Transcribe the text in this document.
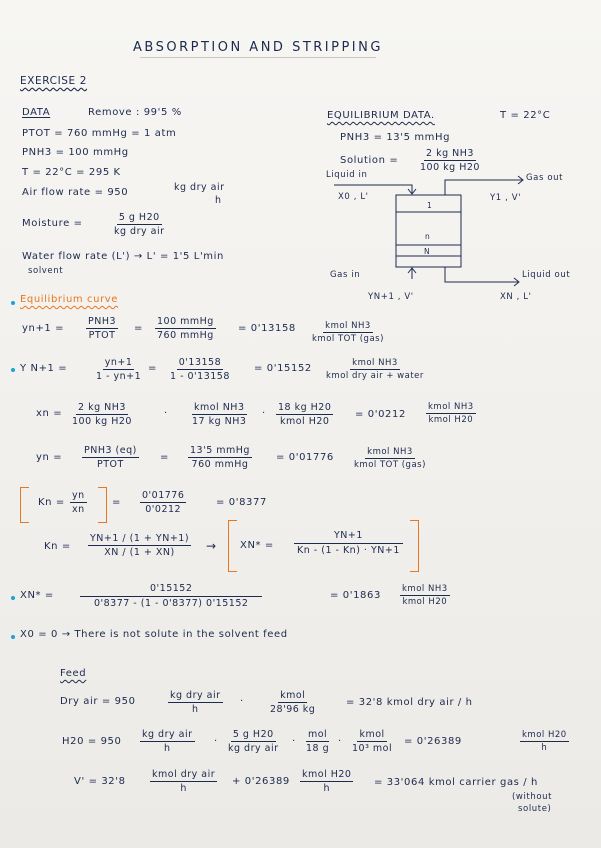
ABSORPTION AND STRIPPING
EXERCISE 2
DATA	Remove : 99'5 %
PTOT = 760 mmHg = 1 atm
PNH3 = 100 mmHg
T = 22°C = 295 K
Air flow rate = 950	kg dry air
h
Moisture =
5 g H20
kg dry air
Water flow rate (L') → L' = 1'5 L'min
solvent
EQUILIBRIUM DATA.	T = 22°C
PNH3 = 13'5 mmHg
Solution = $\frac{\text{2 kg NH3}}{\text{100 kg H20}}$
Liquid in
X0 , L'
Gas out
Y1 , V'
1
n
N
Gas in	Liquid out
YN+1 , V'	XN , L'
Equilibrium curve
yn+1 =
PNH3
PTOT
=
100 mmHg
760 mmHg
= 0'13158	kmol NH3
kmol TOT (gas)
Y N+1 =	$\frac{yn+1}{1 - yn+1} = \frac{0'13158}{1 - 0'13158} = 0'15152$	kmol NH3
kmol dry air + water
xn = $\frac{\text{2 kg NH3}}{\text{100 kg H20}}$	·
kmol NH3
17 kg NH3
·
18 kg H20
kmol H20
= 0'0212
kmol NH3
kmol H20
yn =
PNH3 (eq)
PTOT
=
13'5 mmHg
760 mmHg
= 0'01776	kmol NH3
kmol TOT (gas)
$Kn = \frac{yn}{xn}$	= $\frac{0'01776}{0'0212}$	= 0'8377
$Kn = \frac{YN+1 / (1 + YN+1)}{XN / (1 + XN)} \to XN* = \frac{YN+1}{Kn - (1 - Kn) \cdot YN+1}$
XN* =	$\frac{0'15152}{0'8377 - (1 - 0'8377) 0'15152}$	= 0'1863
kmol NH3
kmol H20
X0 = 0 → There is not solute in the solvent feed
Feed
Dry air = 950
kg dry air
h
·
kmol
28'96 kg
= 32'8 kmol dry air / h
H20 = 950
kg dry air
h
·
5 g H20
kg dry air
·
mol
18 g
·
kmol
10³ mol
= 0'26389
kmol H20
h
V' = 32'8
kmol dry air
h
+ 0'26389
kmol H20
h
= 33'064 kmol carrier gas / h
(without
solute)
